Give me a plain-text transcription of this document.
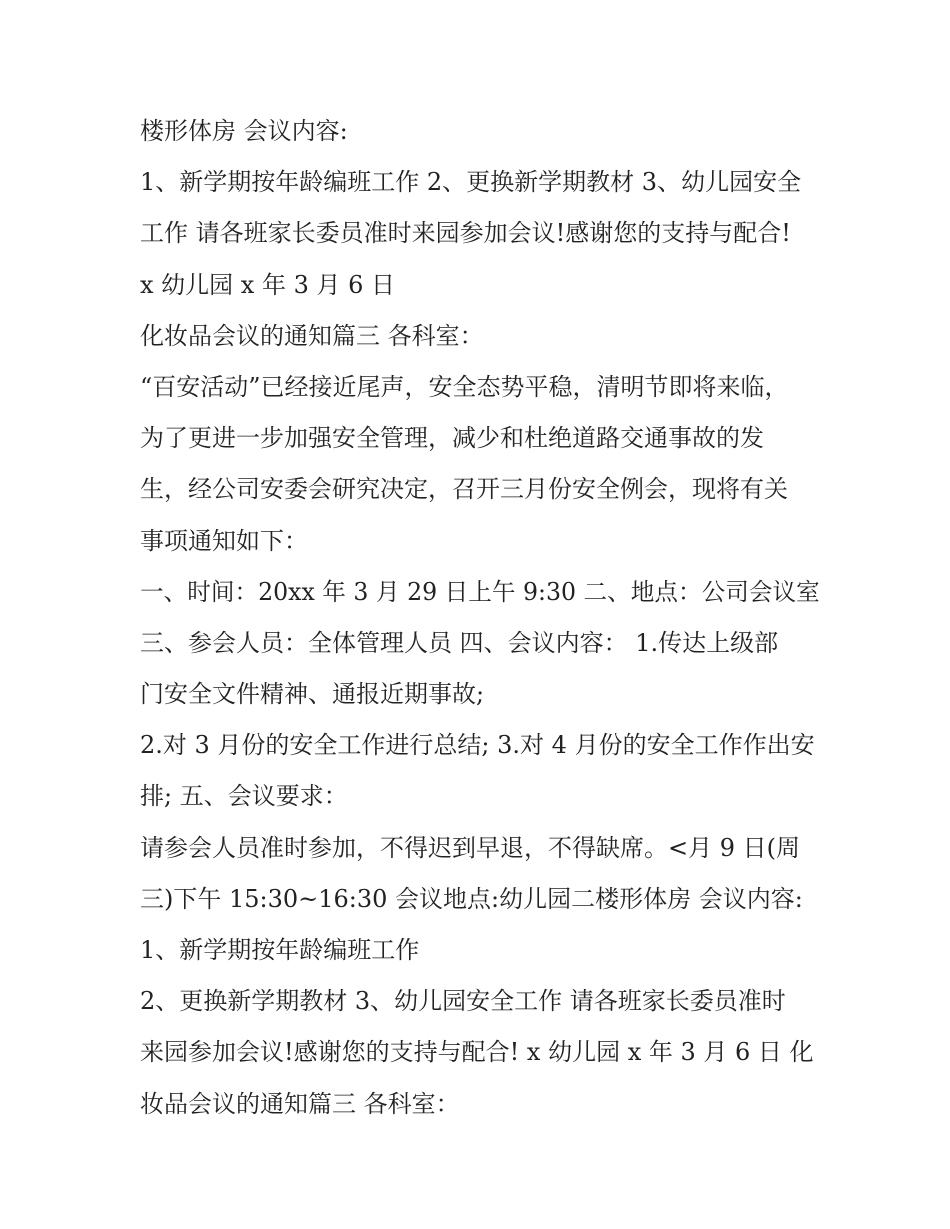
楼形体房 会议内容:
1、新学期按年龄编班工作 2、更换新学期教材 3、幼儿园安全
工作 请各班家长委员准时来园参加会议!感谢您的支持与配合!
x 幼儿园 x 年 3 月 6 日
化妆品会议的通知篇三 各科室：
“百安活动”已经接近尾声，安全态势平稳，清明节即将来临，
为了更进一步加强安全管理，减少和杜绝道路交通事故的发
生，经公司安委会研究决定，召开三月份安全例会，现将有关
事项通知如下：
一、时间：20xx 年 3 月 29 日上午 9:30 二、地点：公司会议室
三、参会人员：全体管理人员 四、会议内容： 1.传达上级部
门安全文件精神、通报近期事故;
2.对 3 月份的安全工作进行总结; 3.对 4 月份的安全工作作出安
排; 五、会议要求：
请参会人员准时参加，不得迟到早退，不得缺席。<月 9 日(周
三)下午 15:30~16:30 会议地点:幼儿园二楼形体房 会议内容:
1、新学期按年龄编班工作
2、更换新学期教材 3、幼儿园安全工作 请各班家长委员准时
来园参加会议!感谢您的支持与配合! x 幼儿园 x 年 3 月 6 日 化
妆品会议的通知篇三 各科室：
